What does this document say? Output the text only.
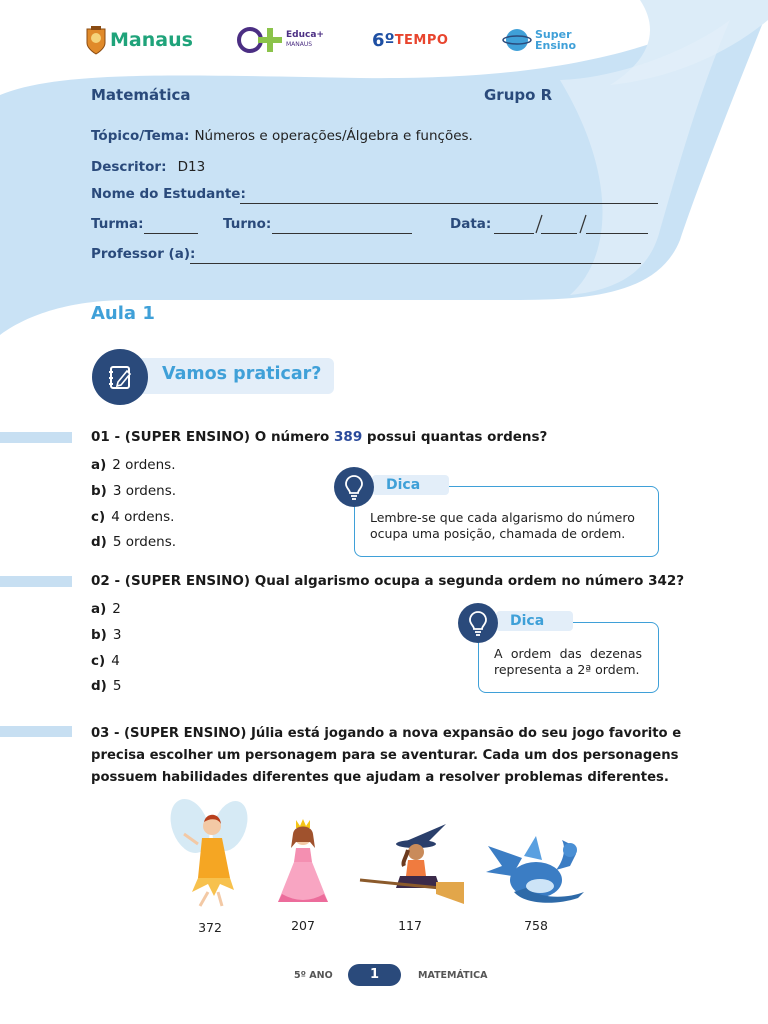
Manaus	Educa+
MANAUS	6º TEMPO	Super
Ensino
Matemática	Grupo R
Tópico/Tema: Números e operações/Álgebra e funções.
Descritor: D13
Nome do Estudante:
Turma:	Turno:	Data:
Professor (a):
Aula 1
Vamos praticar?
01 - (SUPER ENSINO) O número 389 possui quantas ordens?
a) 2 ordens.
b) 3 ordens.
c) 4 ordens.
d) 5 ordens.
Dica
Lembre-se que cada algarismo do número
ocupa uma posição, chamada de ordem.
02 - (SUPER ENSINO) Qual algarismo ocupa a segunda ordem no número 342?
a) 2
b) 3
c) 4
d) 5
Dica
A ordem das dezenas
representa a 2ª ordem.
03 - (SUPER ENSINO) Júlia está jogando a nova expansão do seu jogo favorito e
precisa escolher um personagem para se aventurar. Cada um dos personagens
possuem habilidades diferentes que ajudam a resolver problemas diferentes.
372	207	117	758
5º ANO	1	MATEMÁTICA
